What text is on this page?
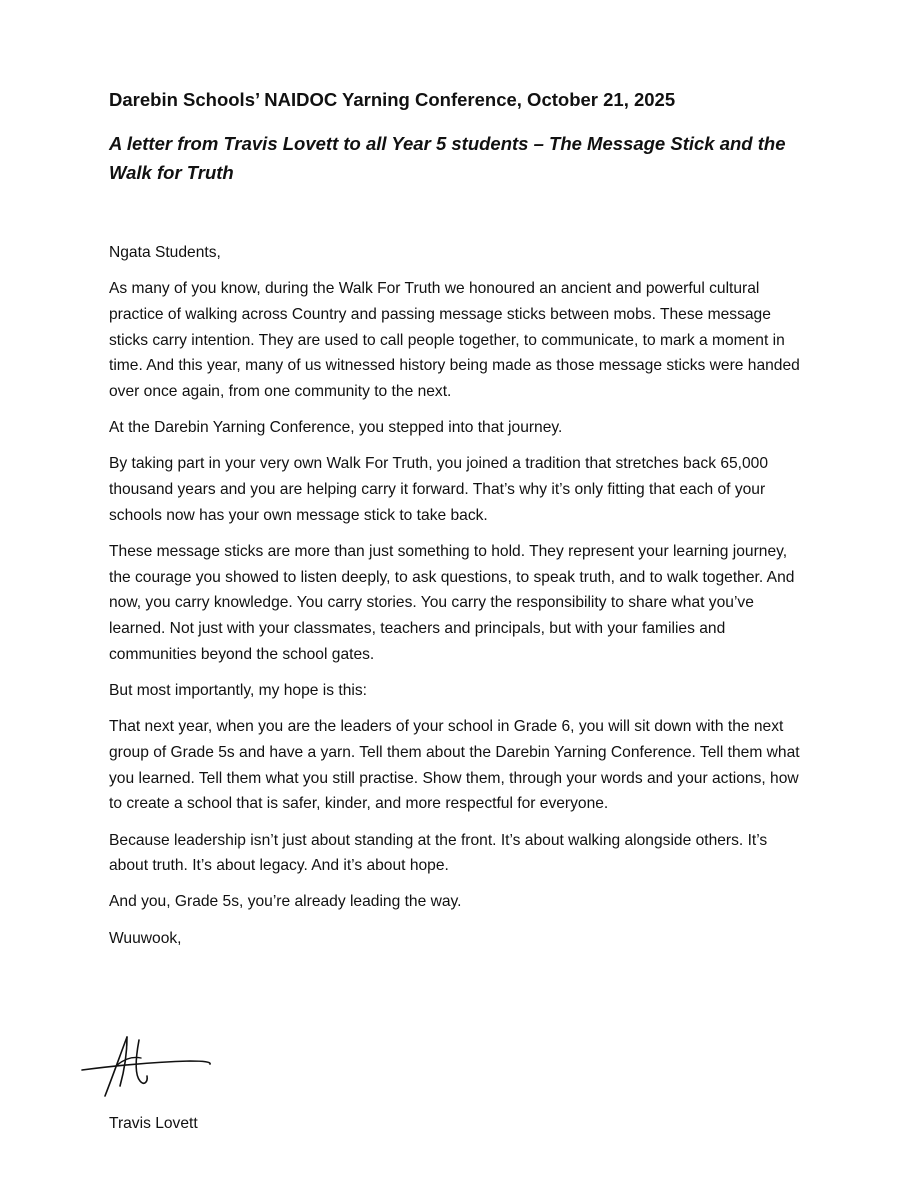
Darebin Schools’ NAIDOC Yarning Conference, October 21, 2025
A letter from Travis Lovett to all Year 5 students – The Message Stick and the Walk for Truth

Ngata Students,

As many of you know, during the Walk For Truth we honoured an ancient and powerful cultural practice of walking across Country and passing message sticks between mobs. These message sticks carry intention. They are used to call people together, to communicate, to mark a moment in time. And this year, many of us witnessed history being made as those message sticks were handed over once again, from one community to the next.

At the Darebin Yarning Conference, you stepped into that journey.

By taking part in your very own Walk For Truth, you joined a tradition that stretches back 65,000 thousand years and you are helping carry it forward. That’s why it’s only fitting that each of your schools now has your own message stick to take back.

These message sticks are more than just something to hold. They represent your learning journey, the courage you showed to listen deeply, to ask questions, to speak truth, and to walk together. And now, you carry knowledge. You carry stories. You carry the responsibility to share what you’ve learned. Not just with your classmates, teachers and principals, but with your families and communities beyond the school gates.

But most importantly, my hope is this:

That next year, when you are the leaders of your school in Grade 6, you will sit down with the next group of Grade 5s and have a yarn. Tell them about the Darebin Yarning Conference. Tell them what you learned. Tell them what you still practise. Show them, through your words and your actions, how to create a school that is safer, kinder, and more respectful for everyone.

Because leadership isn’t just about standing at the front. It’s about walking alongside others. It’s about truth. It’s about legacy. And it’s about hope.

And you, Grade 5s, you’re already leading the way.

Wuuwook,

Travis Lovett
